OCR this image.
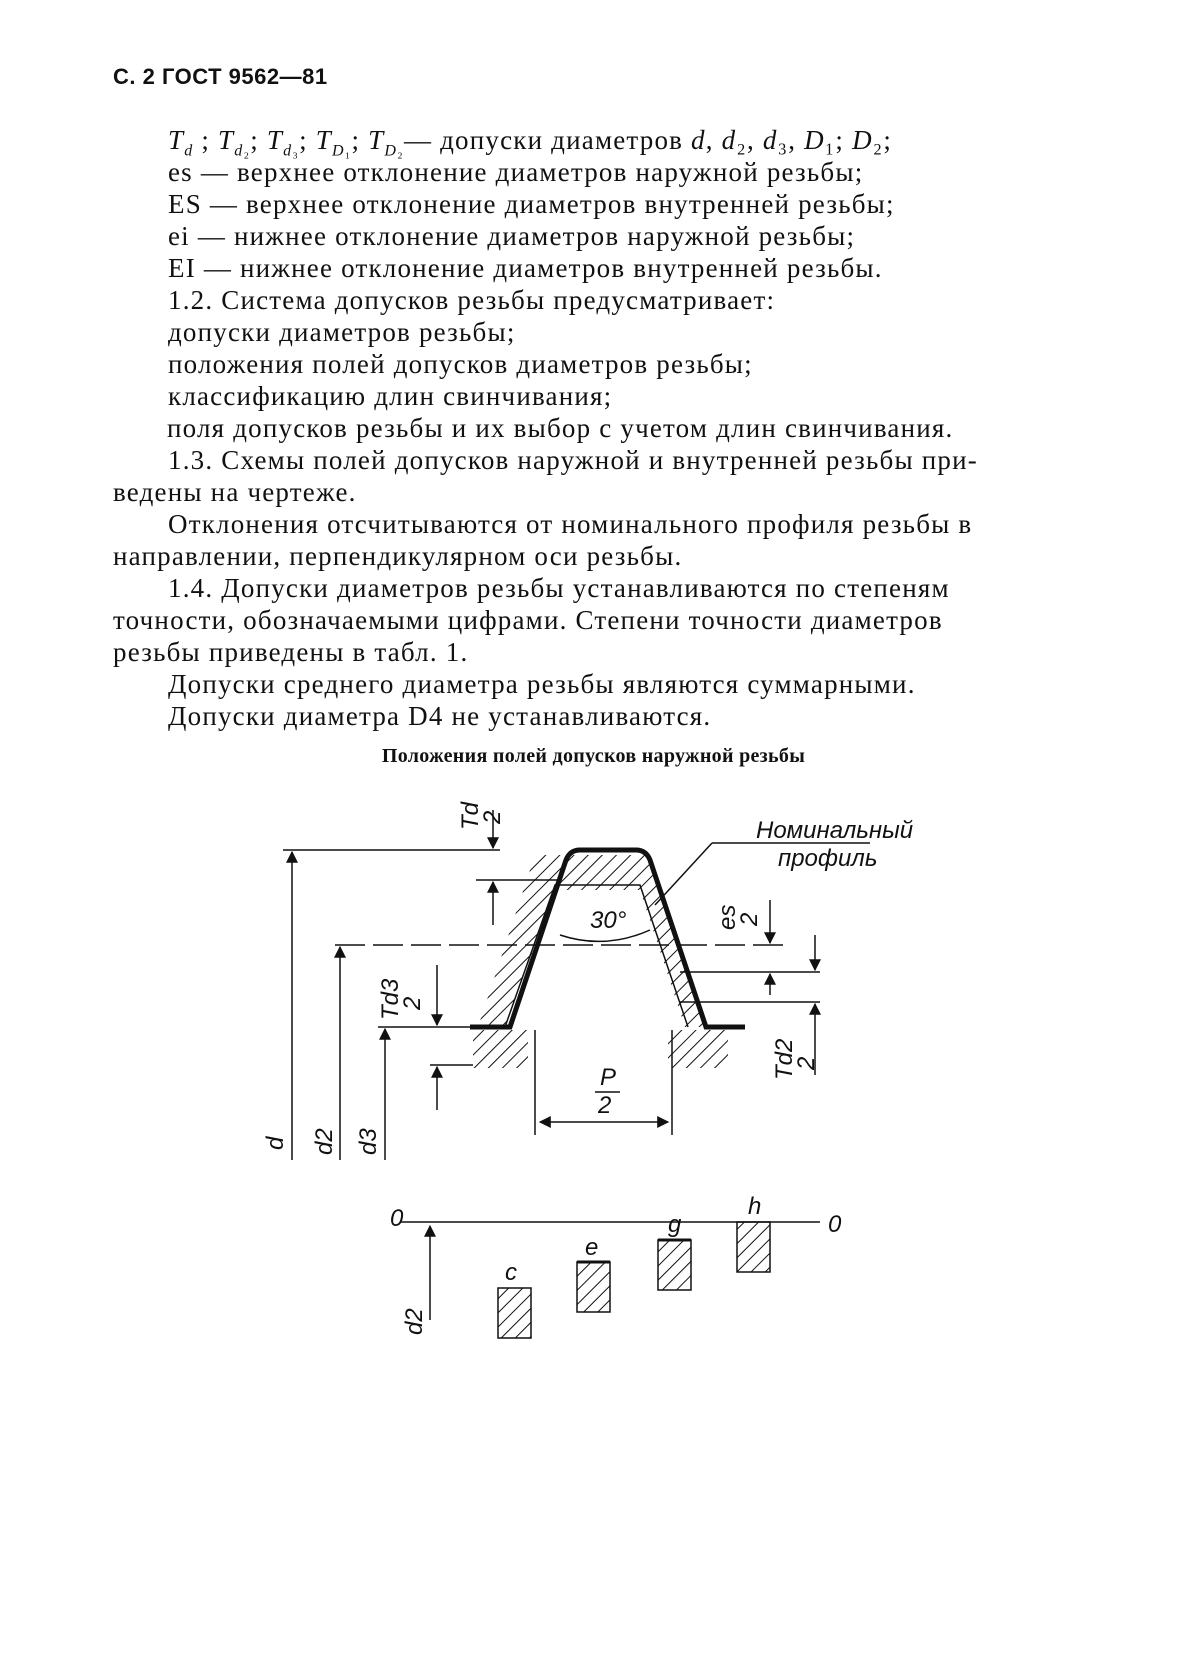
С. 2 ГОСТ 9562—81
$T_d$ ; $T_{d_2}$; $T_{d_3}$; $T_{D_1}$; $T_{D_2}—$ допуски диаметров d, d₂, d₃, D₁; D₂;
es — верхнее отклонение диаметров наружной резьбы;
ES — верхнее отклонение диаметров внутренней резьбы;
ei — нижнее отклонение диаметров наружной резьбы;
EI — нижнее отклонение диаметров внутренней резьбы.
1.2. Система допусков резьбы предусматривает:
допуски диаметров резьбы;
положения полей допусков диаметров резьбы;
классификацию длин свинчивания;
поля допусков резьбы и их выбор с учетом длин свинчивания.
1.3. Схемы полей допусков наружной и внутренней резьбы при-
ведены на чертеже.
Отклонения отсчитываются от номинального профиля резьбы в
направлении, перпендикулярном оси резьбы.
1.4. Допуски диаметров резьбы устанавливаются по степеням
точности, обозначаемыми цифрами. Степени точности диаметров
резьбы приведены в табл. 1.
Допуски среднего диаметра резьбы являются суммарными.
Допуски диаметра D4 не устанавливаются.
Положения полей допусков наружной резьбы
Номинальный
профиль
30°
P
2
Td
2
Td3
2
es
2
Td2
2
d d2 d3
0	0
c
e
g
h
d2
